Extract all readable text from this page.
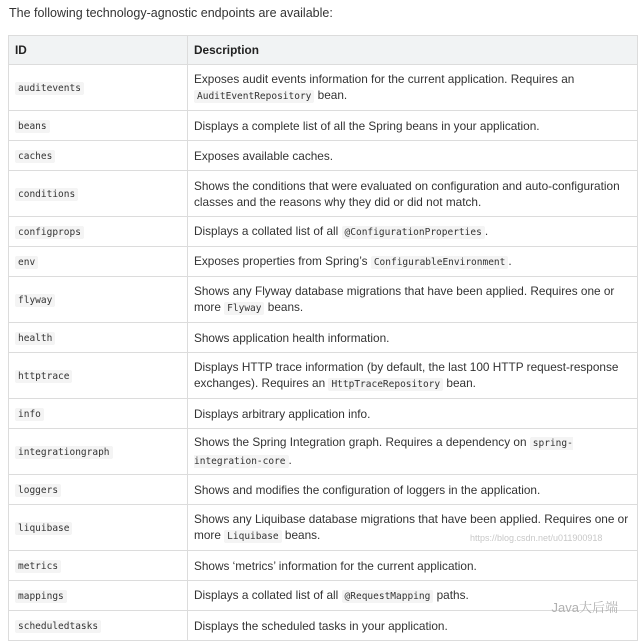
The following technology-agnostic endpoints are available:
ID	Description
auditevents	Exposes audit events information for the current application. Requires an AuditEventRepository bean.
beans	Displays a complete list of all the Spring beans in your application.
caches	Exposes available caches.
conditions	Shows the conditions that were evaluated on configuration and auto-configuration classes and the reasons why they did or did not match.
configprops	Displays a collated list of all @ConfigurationProperties .
env	Exposes properties from Spring’s ConfigurableEnvironment .
flyway	Shows any Flyway database migrations that have been applied. Requires one or more Flyway beans.
health	Shows application health information.
httptrace	Displays HTTP trace information (by default, the last 100 HTTP request-response exchanges). Requires an HttpTraceRepository bean.
info	Displays arbitrary application info.
integrationgraph	Shows the Spring Integration graph. Requires a dependency on spring-integration-core .
loggers	Shows and modifies the configuration of loggers in the application.
liquibase	Shows any Liquibase database migrations that have been applied. Requires one or more Liquibase beans.
metrics	Shows ‘metrics’ information for the current application.
mappings	Displays a collated list of all @RequestMapping paths.
scheduledtasks	Displays the scheduled tasks in your application.
https://blog.csdn.net/u011900918
Java大后端
